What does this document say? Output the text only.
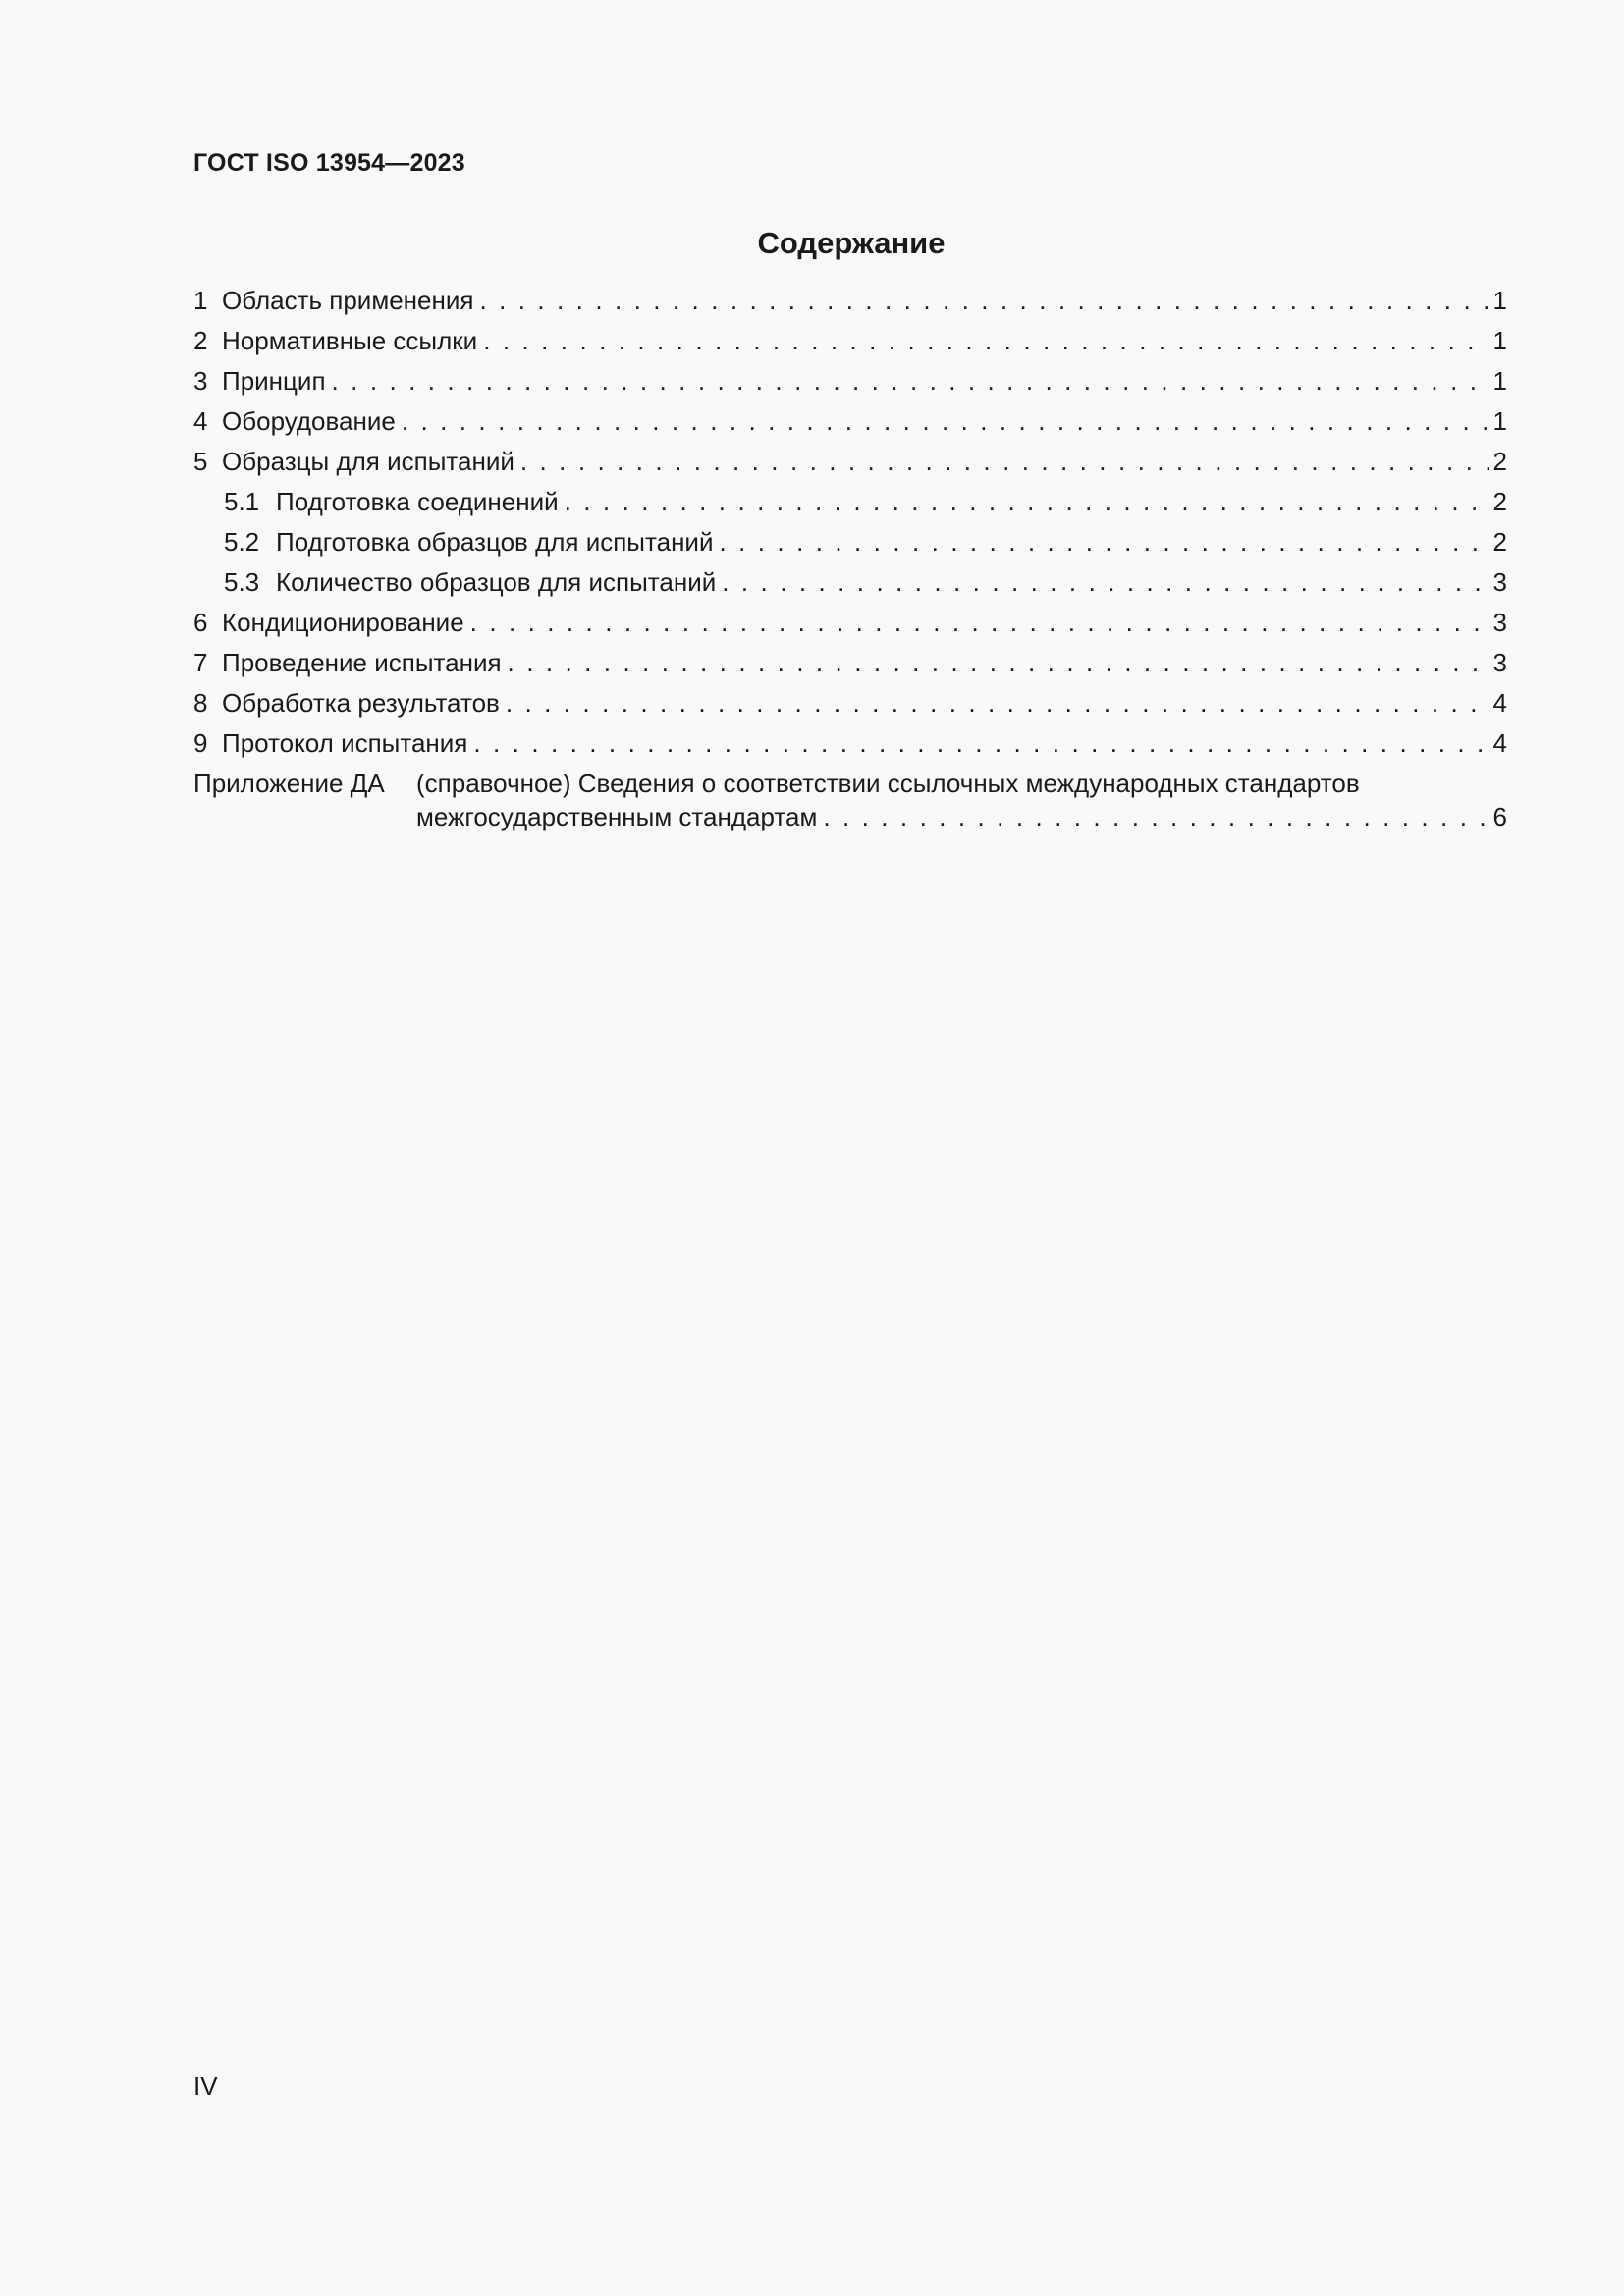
ГОСТ ISO 13954—2023
Содержание
1 Область применения . . .	1
2 Нормативные ссылки . . .	1
3 Принцип . . .	1
4 Оборудование . . .	1
5 Образцы для испытаний . . .	2
5.1 Подготовка соединений . . .	2
5.2 Подготовка образцов для испытаний . . .	2
5.3 Количество образцов для испытаний . . .	3
6 Кондиционирование . . .	3
7 Проведение испытания . . .	3
8 Обработка результатов . . .	4
9 Протокол испытания . . .	4
Приложение ДА	(справочное) Сведения о соответствии ссылочных международных стандартов
межгосударственным стандартам . . .	6
IV
